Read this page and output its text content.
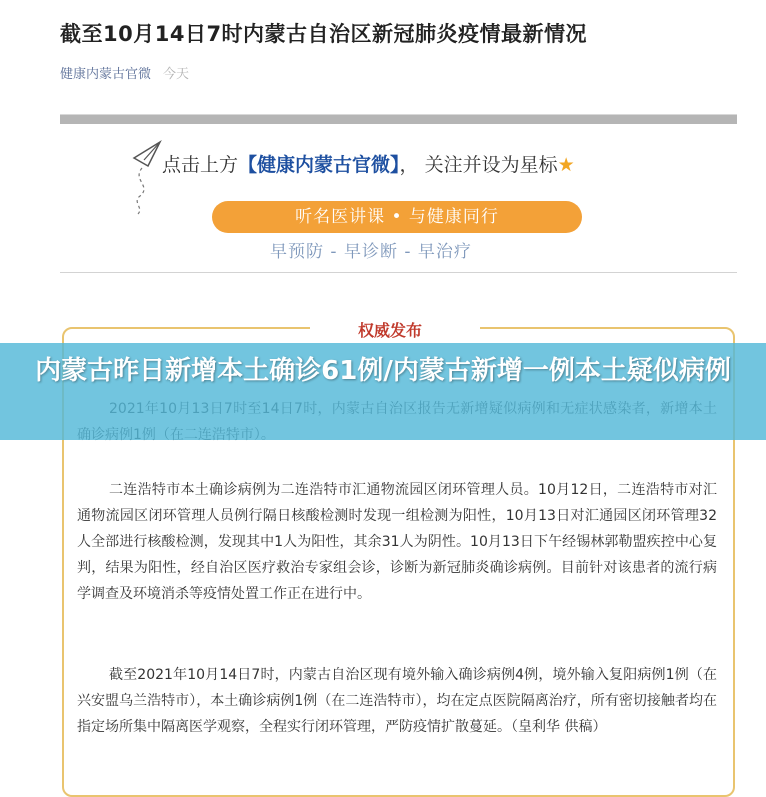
截至10月14日7时内蒙古自治区新冠肺炎疫情最新情况
健康内蒙古官微 今天
点击上方【健康内蒙古官微】， 关注并设为星标★
听名医讲课 • 与健康同行
早预防 - 早诊断 - 早治疗
权威发布
二连浩特市本土确诊病例为二连浩特市汇通物流园区闭环管理人员。10月12日，二连浩特市对汇通物流园区闭环管理人员例行隔日核酸检测时发现一组检测为阳性，10月13日对汇通园区闭环管理32人全部进行核酸检测，发现其中1人为阳性，其余31人为阴性。10月13日下午经锡林郭勒盟疾控中心复判，结果为阳性，经自治区医疗救治专家组会诊，诊断为新冠肺炎确诊病例。目前针对该患者的流行病学调查及环境消杀等疫情处置工作正在进行中。
截至2021年10月14日7时，内蒙古自治区现有境外输入确诊病例4例，境外输入复阳病例1例（在兴安盟乌兰浩特市），本土确诊病例1例（在二连浩特市），均在定点医院隔离治疗，所有密切接触者均在指定场所集中隔离医学观察，全程实行闭环管理，严防疫情扩散蔓延。（皇利华 供稿）
内蒙古昨日新增本土确诊61例/内蒙古新增一例本土疑似病例
